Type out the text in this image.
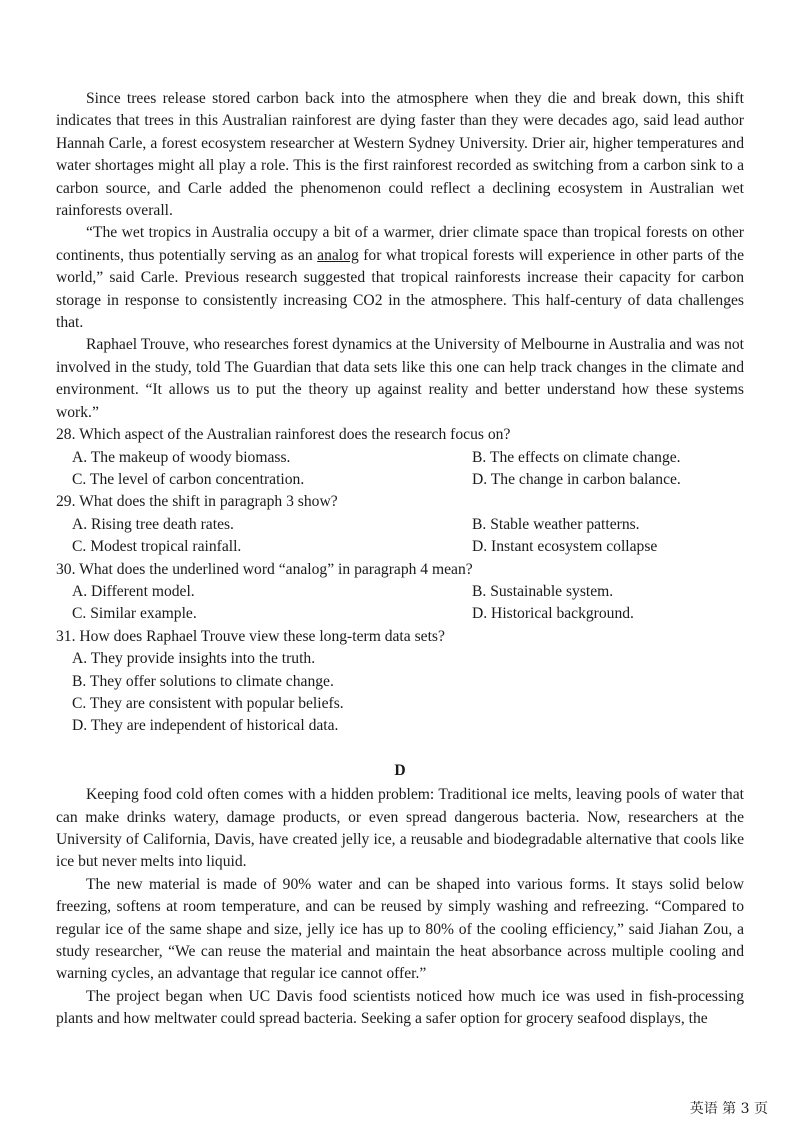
Since trees release stored carbon back into the atmosphere when they die and break down, this shift indicates that trees in this Australian rainforest are dying faster than they were decades ago, said lead author Hannah Carle, a forest ecosystem researcher at Western Sydney University. Drier air, higher temperatures and water shortages might all play a role. This is the first rainforest recorded as switching from a carbon sink to a carbon source, and Carle added the phenomenon could reflect a declining ecosystem in Australian wet rainforests overall.

“The wet tropics in Australia occupy a bit of a warmer, drier climate space than tropical forests on other continents, thus potentially serving as an analog for what tropical forests will experience in other parts of the world,” said Carle. Previous research suggested that tropical rainforests increase their capacity for carbon storage in response to consistently increasing CO2 in the atmosphere. This half-century of data challenges that.

Raphael Trouve, who researches forest dynamics at the University of Melbourne in Australia and was not involved in the study, told The Guardian that data sets like this one can help track changes in the climate and environment. “It allows us to put the theory up against reality and better understand how these systems work.”

28. Which aspect of the Australian rainforest does the research focus on?

A. The makeup of woody biomass.	B. The effects on climate change.
C. The level of carbon concentration.	D. The change in carbon balance.

29. What does the shift in paragraph 3 show?

A. Rising tree death rates.	B. Stable weather patterns.
C. Modest tropical rainfall.	D. Instant ecosystem collapse

30. What does the underlined word “analog” in paragraph 4 mean?

A. Different model.	B. Sustainable system.
C. Similar example.	D. Historical background.

31. How does Raphael Trouve view these long-term data sets?

A. They provide insights into the truth.
B. They offer solutions to climate change.
C. They are consistent with popular beliefs.
D. They are independent of historical data.

D

Keeping food cold often comes with a hidden problem: Traditional ice melts, leaving pools of water that can make drinks watery, damage products, or even spread dangerous bacteria. Now, researchers at the University of California, Davis, have created jelly ice, a reusable and biodegradable alternative that cools like ice but never melts into liquid.

The new material is made of 90% water and can be shaped into various forms. It stays solid below freezing, softens at room temperature, and can be reused by simply washing and refreezing. “Compared to regular ice of the same shape and size, jelly ice has up to 80% of the cooling efficiency,” said Jiahan Zou, a study researcher, “We can reuse the material and maintain the heat absorbance across multiple cooling and warning cycles, an advantage that regular ice cannot offer.”

The project began when UC Davis food scientists noticed how much ice was used in fish-processing plants and how meltwater could spread bacteria. Seeking a safer option for grocery seafood displays, the

英语 第 3 页
